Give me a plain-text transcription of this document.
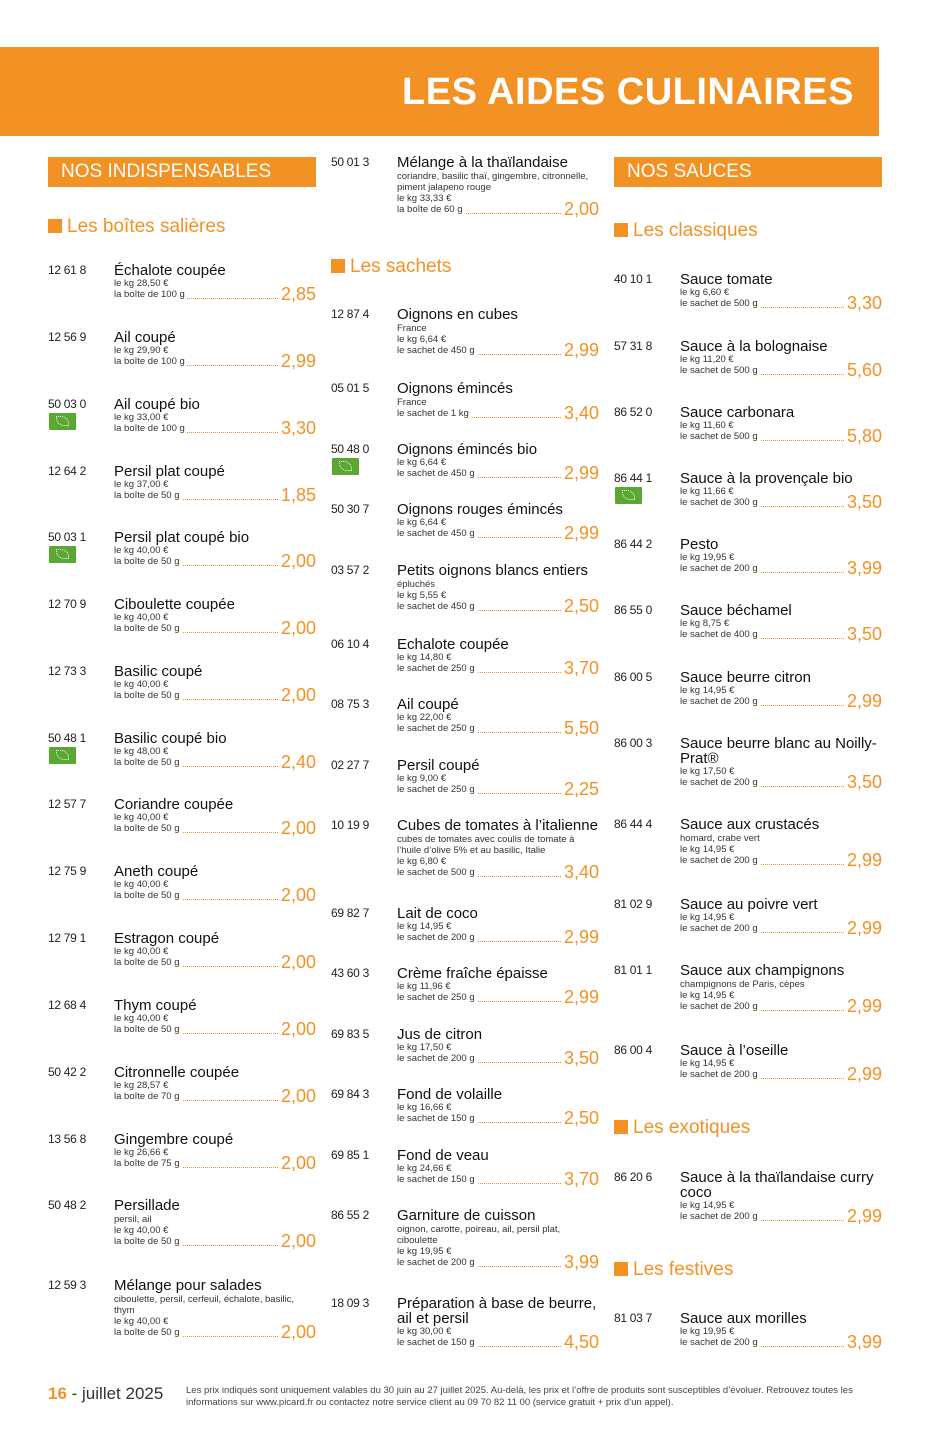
LES AIDES CULINAIRES
NOS INDISPENSABLES
Les boîtes salières
12 61 8 Échalote coupée
le kg 28,50 €
la boîte de 100 g	2,85
12 56 9 Ail coupé
le kg 29,90 €
la boîte de 100 g	2,99
50 03 0 Ail coupé bio
le kg 33,00 €
la boîte de 100 g	3,30
12 64 2 Persil plat coupé
le kg 37,00 €
la boîte de 50 g	1,85
50 03 1 Persil plat coupé bio
le kg 40,00 €
la boîte de 50 g	2,00
12 70 9 Ciboulette coupée
le kg 40,00 €
la boîte de 50 g	2,00
12 73 3 Basilic coupé
le kg 40,00 €
la boîte de 50 g	2,00
50 48 1 Basilic coupé bio
le kg 48,00 €
la boîte de 50 g	2,40
12 57 7 Coriandre coupée
le kg 40,00 €
la boîte de 50 g	2,00
12 75 9 Aneth coupé
le kg 40,00 €
la boîte de 50 g	2,00
12 79 1 Estragon coupé
le kg 40,00 €
la boîte de 50 g	2,00
12 68 4 Thym coupé
le kg 40,00 €
la boîte de 50 g	2,00
50 42 2 Citronnelle coupée
le kg 28,57 €
la boîte de 70 g	2,00
13 56 8 Gingembre coupé
le kg 26,66 €
la boîte de 75 g	2,00
50 48 2 Persillade
persil, ail
le kg 40,00 €
la boîte de 50 g	2,00
12 59 3 Mélange pour salades
ciboulette, persil, cerfeuil, échalote, basilic, thym
le kg 40,00 €
la boîte de 50 g	2,00
50 01 3 Mélange à la thaïlandaise
coriandre, basilic thaï, gingembre, citronnelle, piment jalapeno rouge
le kg 33,33 €
la boîte de 60 g	2,00
Les sachets
12 87 4 Oignons en cubes
France
le kg 6,64 €
le sachet de 450 g	2,99
05 01 5 Oignons émincés
France
le sachet de 1 kg	3,40
50 48 0 Oignons émincés bio
le kg 6,64 €
le sachet de 450 g	2,99
50 30 7 Oignons rouges émincés
le kg 6,64 €
le sachet de 450 g	2,99
03 57 2 Petits oignons blancs entiers
épluchés
le kg 5,55 €
le sachet de 450 g	2,50
06 10 4 Echalote coupée
le kg 14,80 €
le sachet de 250 g	3,70
08 75 3 Ail coupé
le kg 22,00 €
le sachet de 250 g	5,50
02 27 7 Persil coupé
le kg 9,00 €
le sachet de 250 g	2,25
10 19 9 Cubes de tomates à l’italienne
cubes de tomates avec coulis de tomate à l’huile d’olive 5% et au basilic, Italie
le kg 6,80 €
le sachet de 500 g	3,40
69 82 7 Lait de coco
le kg 14,95 €
le sachet de 200 g	2,99
43 60 3 Crème fraîche épaisse
le kg 11,96 €
le sachet de 250 g	2,99
69 83 5 Jus de citron
le kg 17,50 €
le sachet de 200 g	3,50
69 84 3 Fond de volaille
le kg 16,66 €
le sachet de 150 g	2,50
69 85 1 Fond de veau
le kg 24,66 €
le sachet de 150 g	3,70
86 55 2 Garniture de cuisson
oignon, carotte, poireau, ail, persil plat, ciboulette
le kg 19,95 €
le sachet de 200 g	3,99
18 09 3 Préparation à base de beurre, ail et persil
le kg 30,00 €
le sachet de 150 g	4,50
NOS SAUCES
Les classiques
40 10 1 Sauce tomate
le kg 6,60 €
le sachet de 500 g	3,30
57 31 8 Sauce à la bolognaise
le kg 11,20 €
le sachet de 500 g	5,60
86 52 0 Sauce carbonara
le kg 11,60 €
le sachet de 500 g	5,80
86 44 1 Sauce à la provençale bio
le kg 11,66 €
le sachet de 300 g	3,50
86 44 2 Pesto
le kg 19,95 €
le sachet de 200 g	3,99
86 55 0 Sauce béchamel
le kg 8,75 €
le sachet de 400 g	3,50
86 00 5 Sauce beurre citron
le kg 14,95 €
le sachet de 200 g	2,99
86 00 3 Sauce beurre blanc au Noilly-Prat®
le kg 17,50 €
le sachet de 200 g	3,50
86 44 4 Sauce aux crustacés
homard, crabe vert
le kg 14,95 €
le sachet de 200 g	2,99
81 02 9 Sauce au poivre vert
le kg 14,95 €
le sachet de 200 g	2,99
81 01 1 Sauce aux champignons
champignons de Paris, cèpes
le kg 14,95 €
le sachet de 200 g	2,99
86 00 4 Sauce à l’oseille
le kg 14,95 €
le sachet de 200 g	2,99
Les exotiques
86 20 6 Sauce à la thaïlandaise curry coco
le kg 14,95 €
le sachet de 200 g	2,99
Les festives
81 03 7 Sauce aux morilles
le kg 19,95 €
le sachet de 200 g	3,99
16 - juillet 2025 Les prix indiqués sont uniquement valables du 30 juin au 27 juillet 2025. Au-delà, les prix et l’offre de produits sont susceptibles d’évoluer. Retrouvez toutes les informations sur www.picard.fr ou contactez notre service client au 09 70 82 11 00 (service gratuit + prix d’un appel).
